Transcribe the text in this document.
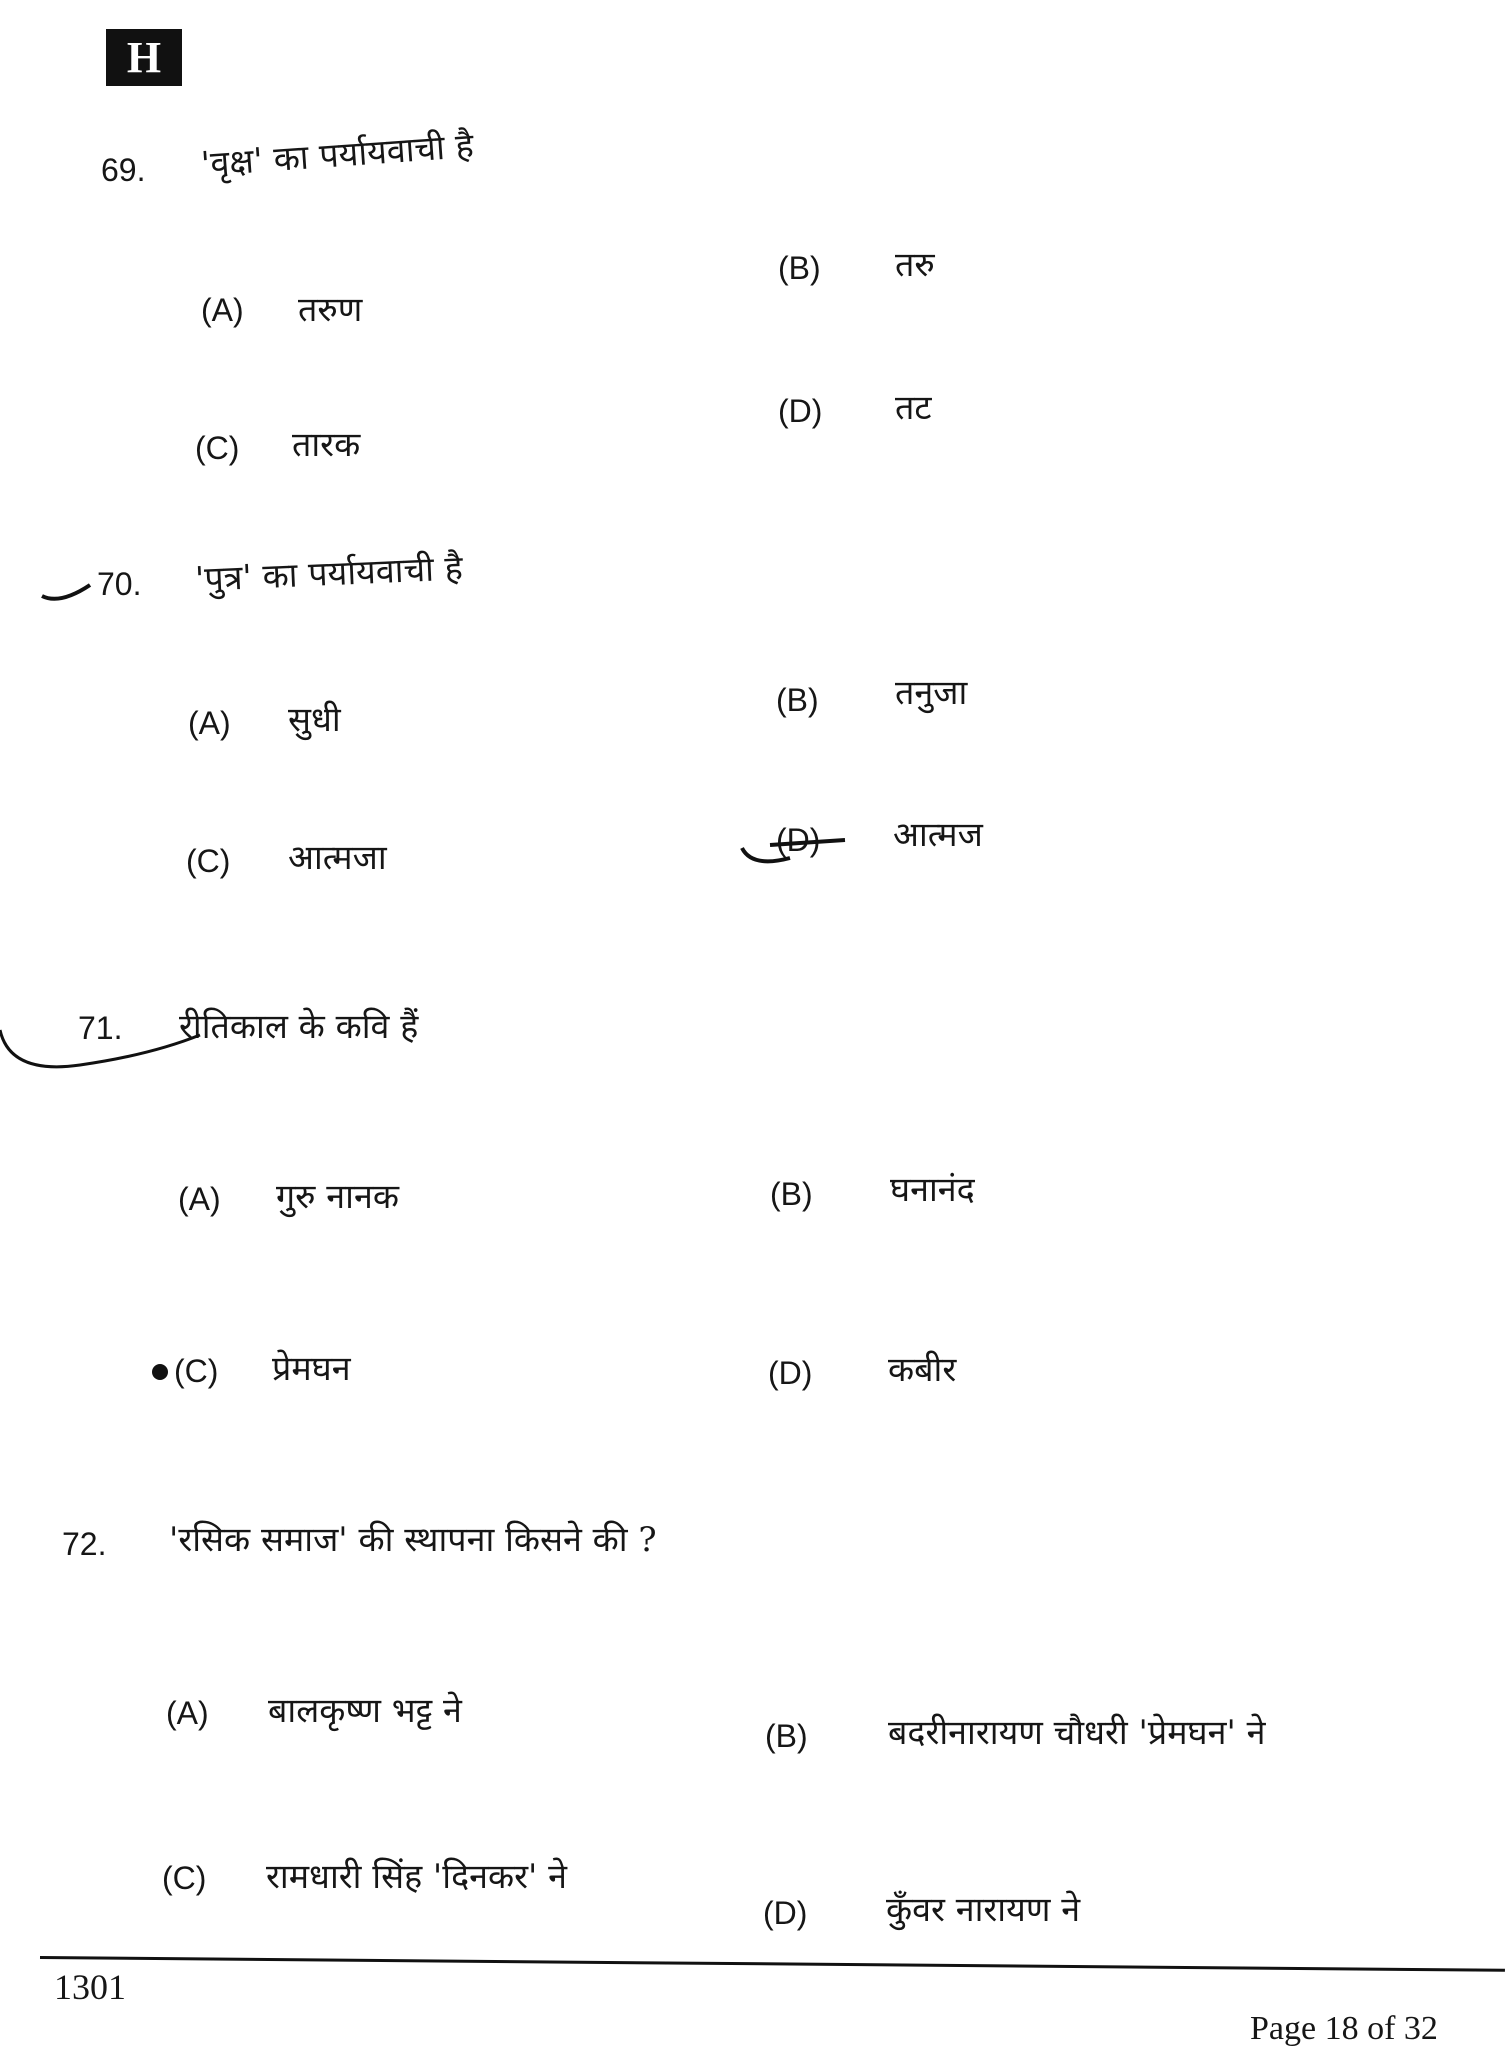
H
69. 'वृक्ष' का पर्यायवाची है
(A) तरुण
(B) तरु
(C) तारक
(D) तट
70. 'पुत्र' का पर्यायवाची है
(A) सुधी	(B) तनुजा
(C) आत्मजा	(D) आत्मज
71. रीतिकाल के कवि हैं
(A) गुरु नानक	(B) घनानंद
(C) प्रेमघन	(D) कबीर
72. 'रसिक समाज' की स्थापना किसने की ?
(A) बालकृष्ण भट्ट ने
(B) बदरीनारायण चौधरी 'प्रेमघन' ने
(C) रामधारी सिंह 'दिनकर' ने
(D) कुँवर नारायण ने
1301
Page 18 of 32
